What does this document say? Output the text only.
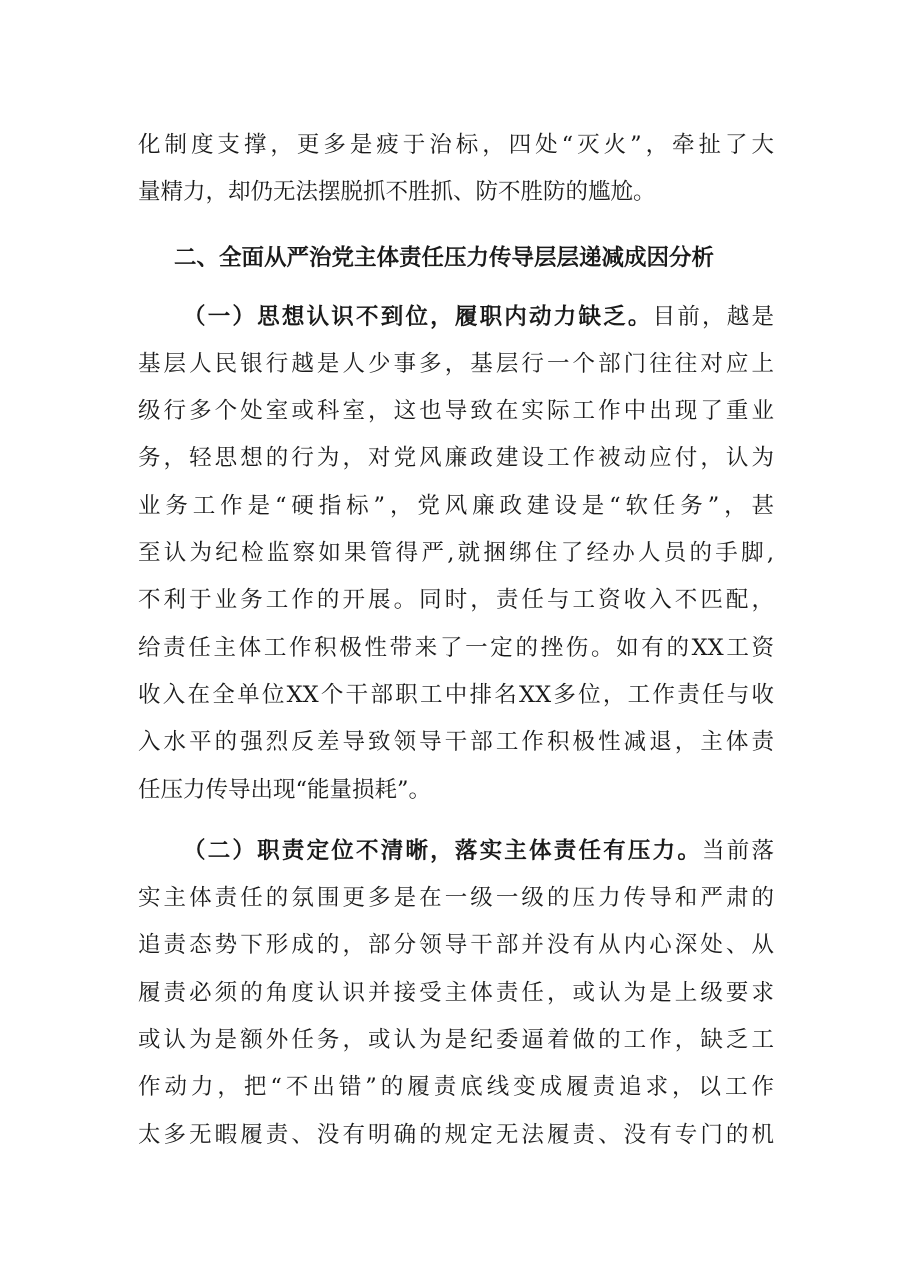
化制度支撑，更多是疲于治标，四处“灭火”，牵扯了大
量精力，却仍无法摆脱抓不胜抓、防不胜防的尴尬。
二、全面从严治党主体责任压力传导层层递减成因分析
（一）思想认识不到位，履职内动力缺乏。目前，越是
基层人民银行越是人少事多，基层行一个部门往往对应上
级行多个处室或科室，这也导致在实际工作中出现了重业
务，轻思想的行为，对党风廉政建设工作被动应付，认为
业务工作是“硬指标”，党风廉政建设是“软任务”，甚
至认为纪检监察如果管得严,就捆绑住了经办人员的手脚,
不利于业务工作的开展。同时，责任与工资收入不匹配，
给责任主体工作积极性带来了一定的挫伤。如有的XX工资
收入在全单位XX个干部职工中排名XX多位，工作责任与收
入水平的强烈反差导致领导干部工作积极性减退，主体责
任压力传导出现“能量损耗”。
（二）职责定位不清晰，落实主体责任有压力。当前落
实主体责任的氛围更多是在一级一级的压力传导和严肃的
追责态势下形成的，部分领导干部并没有从内心深处、从
履责必须的角度认识并接受主体责任，或认为是上级要求
或认为是额外任务，或认为是纪委逼着做的工作，缺乏工
作动力，把“不出错”的履责底线变成履责追求，以工作
太多无暇履责、没有明确的规定无法履责、没有专门的机
